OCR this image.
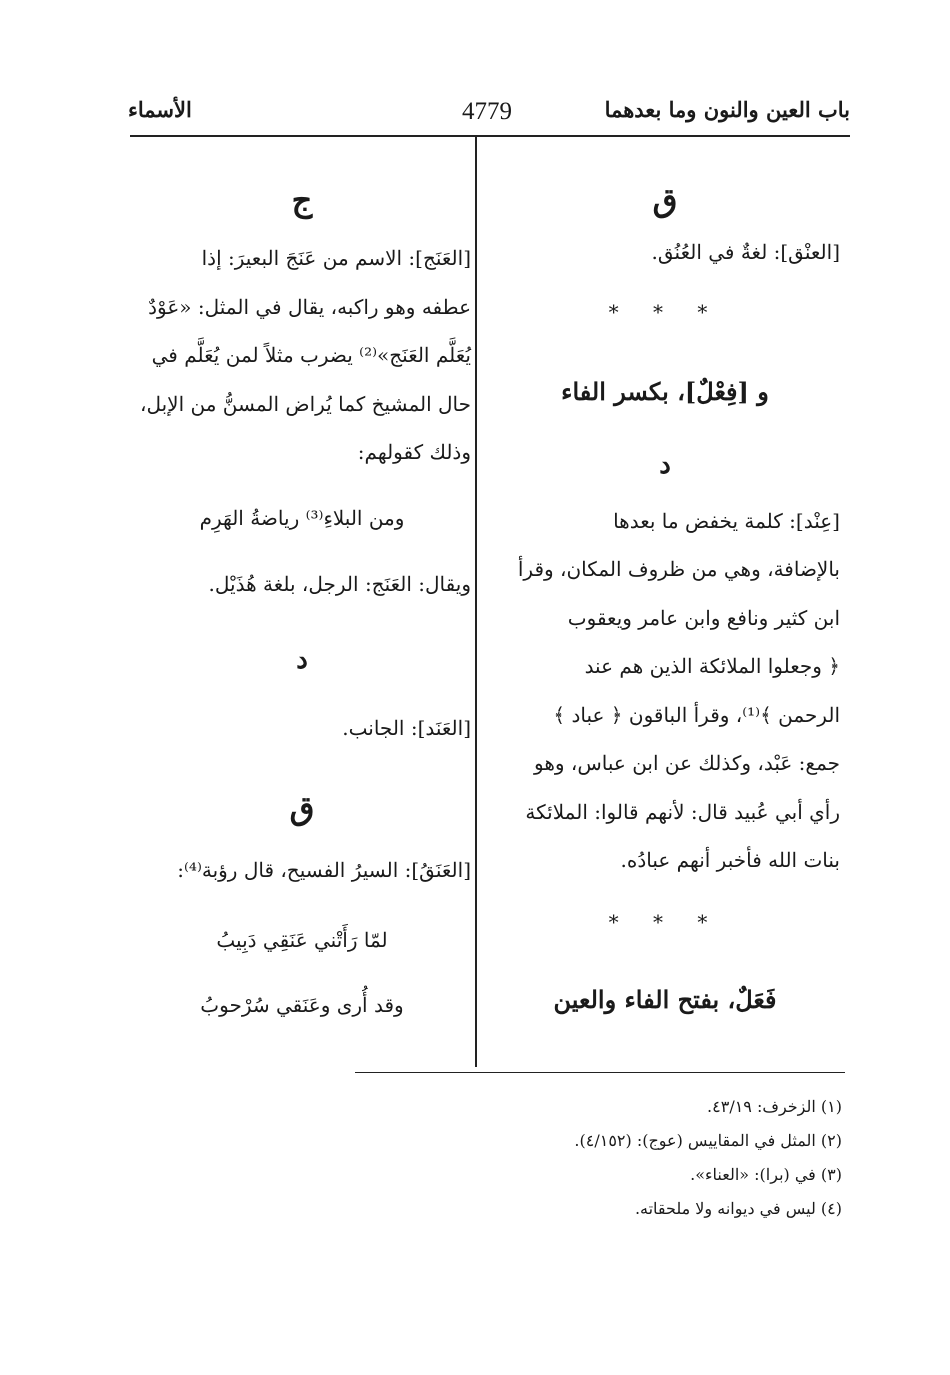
باب العين والنون وما بعدهما
4779
الأسماء
ق
[العنْق]: لغةٌ في العُنُق.
* * *
و [فِعْلٌ]، بكسر الفاء
د
[عِنْد]: كلمة يخفض ما بعدها
بالإضافة، وهي من ظروف المكان، وقرأ
ابن كثير ونافع وابن عامر ويعقوب
﴿ وجعلوا الملائكة الذين هم عند
الرحمن ﴾⁽¹⁾، وقرأ الباقون ﴿ عباد ﴾
جمع: عَبْد، وكذلك عن ابن عباس، وهو
رأي أبي عُبيد قال: لأنهم قالوا: الملائكة
بنات الله فأخبر أنهم عبادُه.
* * *
فَعَلٌ، بفتح الفاء والعين
ج
[العَنَج]: الاسم من عَنَجَ البعيرَ: إذا
عطفه وهو راكبه، يقال في المثل: «عَوْدٌ
يُعَلَّم العَنَج»⁽²⁾ يضرب مثلاً لمن يُعَلَّم في
حال المشيخ كما يُراض المسنُّ من الإبل،
وذلك كقولهم:
ومن البلاءِ⁽³⁾ رياضةُ الهَرِم
ويقال: العَنَج: الرجل، بلغة هُذَيْل.
د
[العَنَد]: الجانب.
ق
[العَنَقُ]: السيرُ الفسيح، قال رؤبة⁽⁴⁾:
لمّا رَأَتْني عَنَقِي دَبِيبُ
وقد أُرى وعَنَقي سُرْحوبُ
(١) الزخرف: ٤٣/١٩.
(٢) المثل في المقاييس (عوج): (٤/١٥٢).
(٣) في (برا): «العناء».
(٤) ليس في ديوانه ولا ملحقاته.
